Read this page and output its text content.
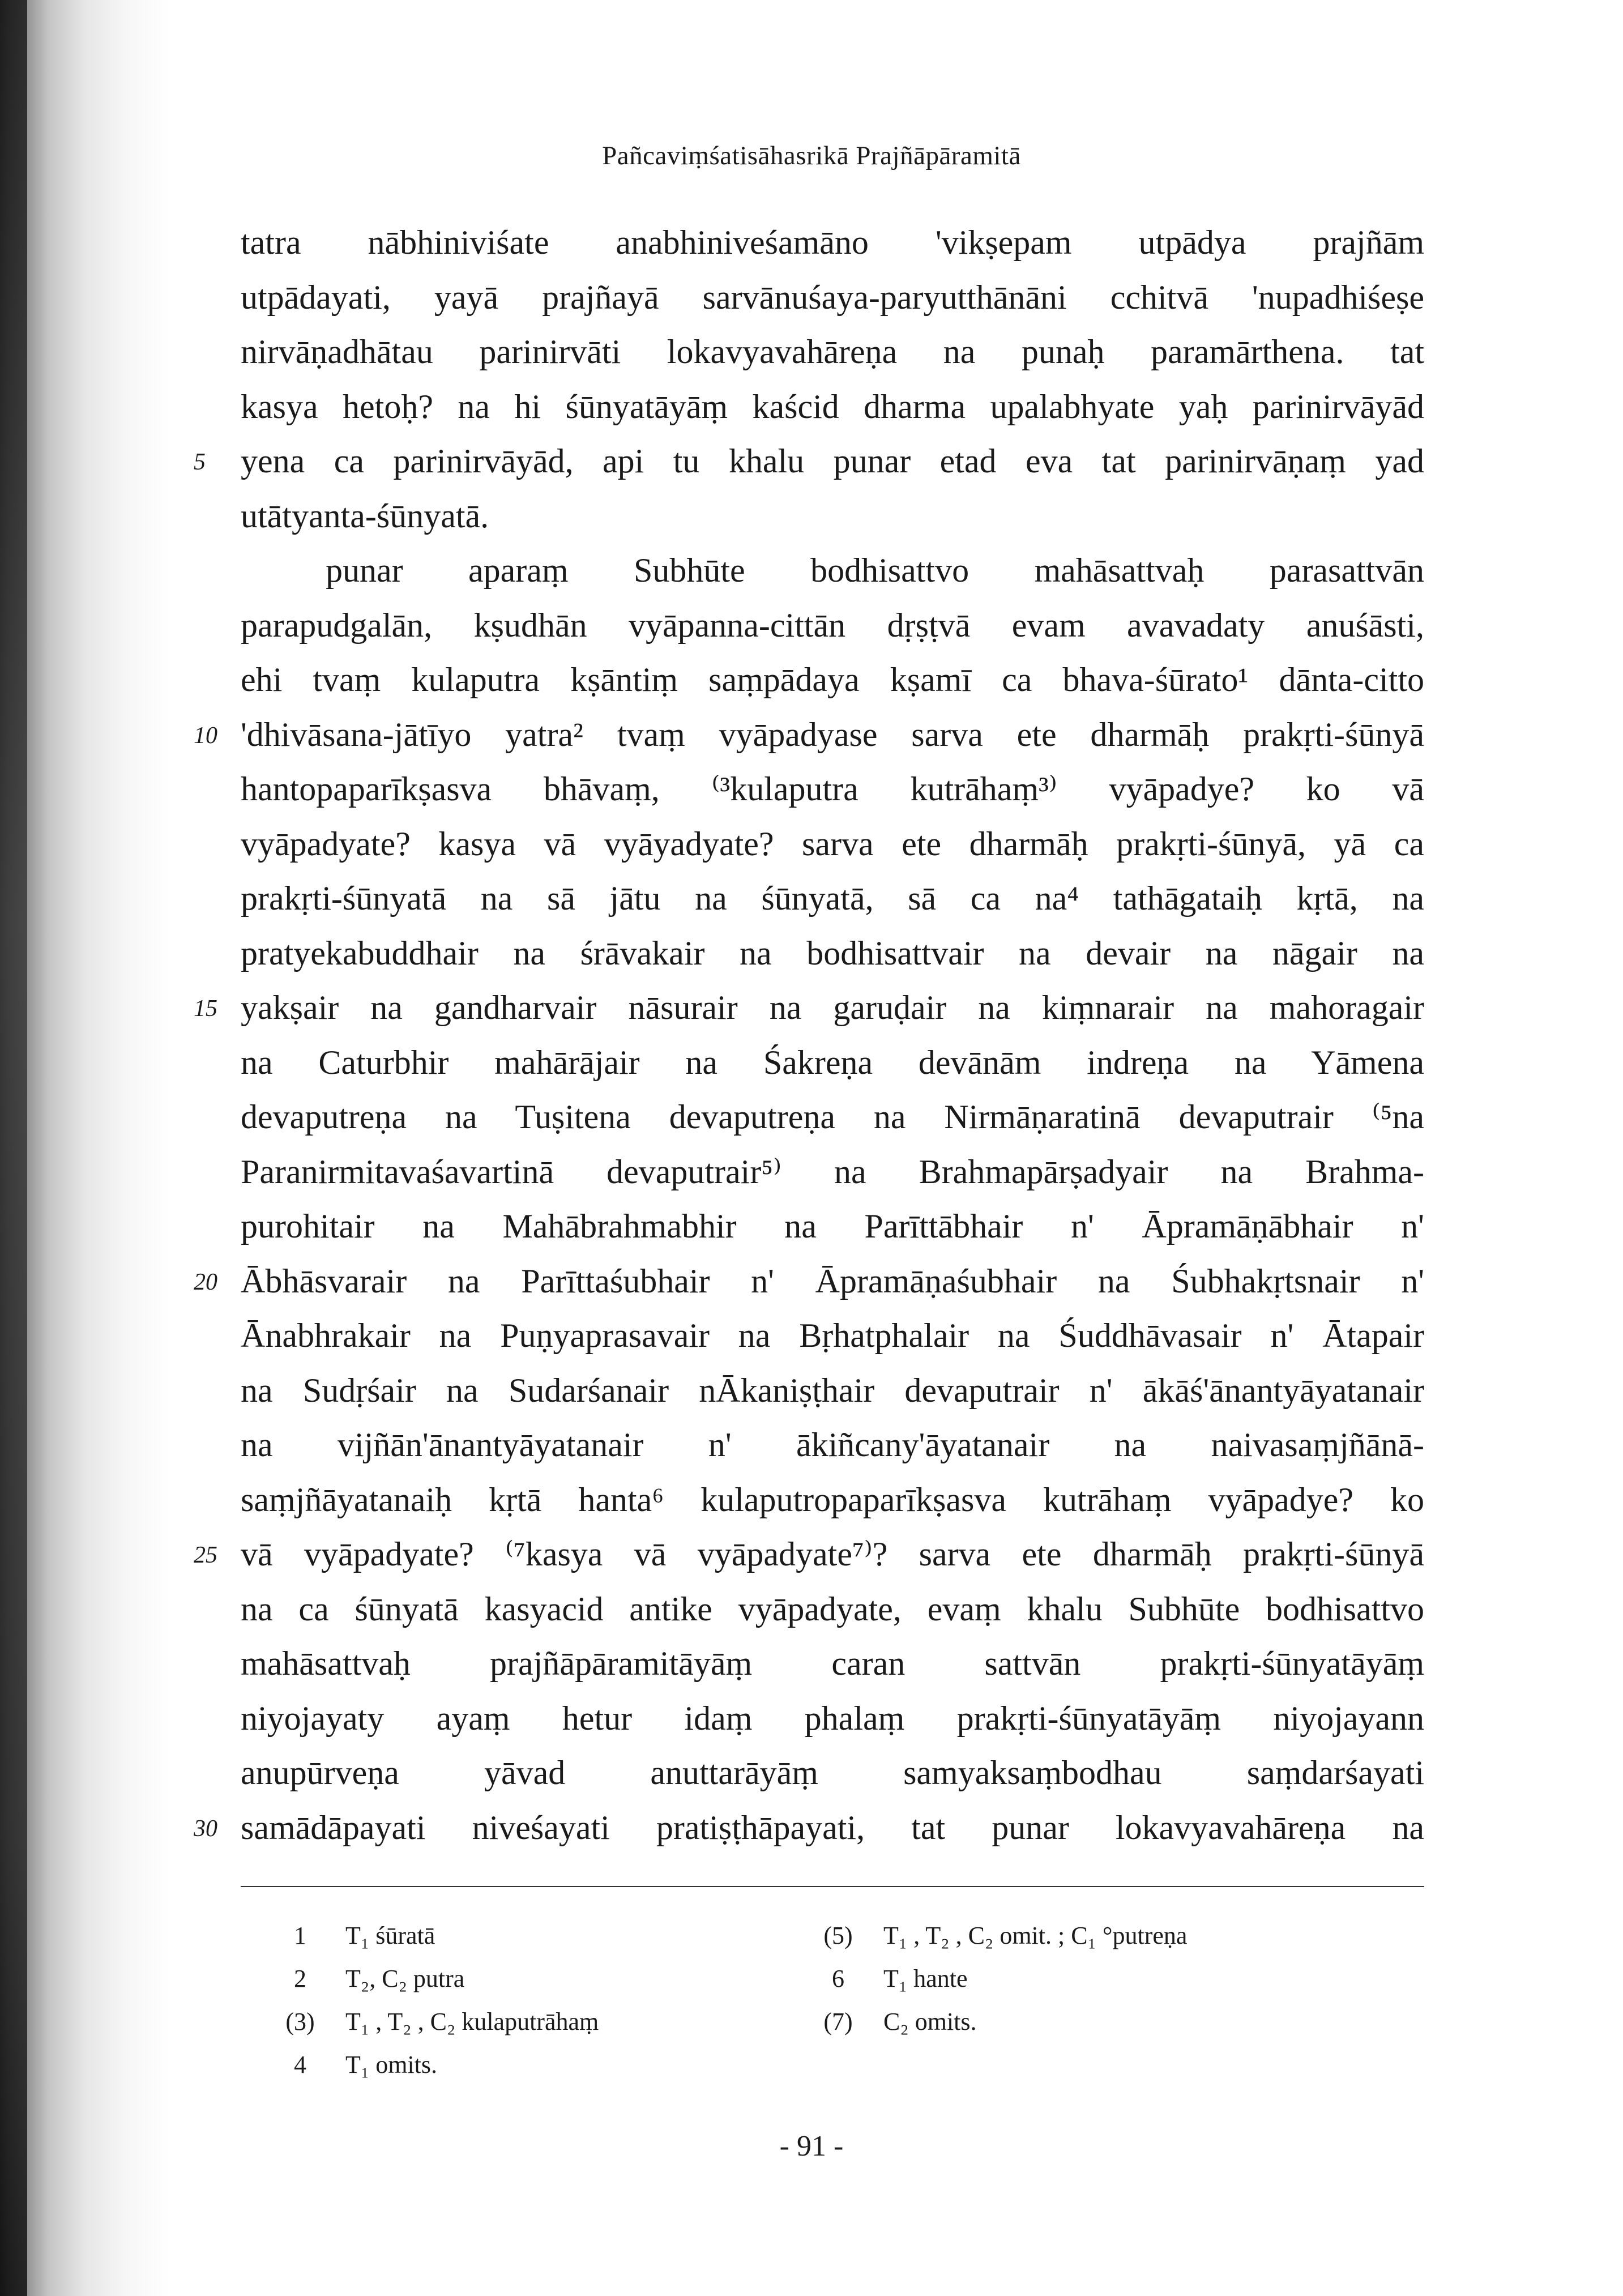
Pañcaviṃśatisāhasrikā Prajñāpāramitā
tatra nābhiniviśate anabhiniveśamāno 'vikṣepam utpādya prajñām
utpādayati, yayā prajñayā sarvānuśaya-paryutthānāni cchitvā 'nupadhiśeṣe
nirvāṇadhātau parinirvāti lokavyavahāreṇa na punaḥ paramārthena. tat
kasya hetoḥ? na hi śūnyatāyāṃ kaścid dharma upalabhyate yaḥ parinirvāyād
5	yena ca parinirvāyād, api tu khalu punar etad eva tat parinirvāṇaṃ yad
utātyanta-śūnyatā.
punar aparaṃ Subhūte bodhisattvo mahāsattvaḥ parasattvān
parapudgalān, kṣudhān vyāpanna-cittān dṛṣṭvā evam avavadaty anuśāsti,
ehi tvaṃ kulaputra kṣāntiṃ saṃpādaya kṣamī ca bhava-śūrato¹ dānta-citto
10 'dhivāsana-jātīyo yatra² tvaṃ vyāpadyase sarva ete dharmāḥ prakṛti-śūnyā
hantopaparīkṣasva bhāvaṃ, ⁽³kulaputra kutrāhaṃ³⁾ vyāpadye? ko vā
vyāpadyate? kasya vā vyāyadyate? sarva ete dharmāḥ prakṛti-śūnyā, yā ca
prakṛti-śūnyatā na sā jātu na śūnyatā, sā ca na⁴ tathāgataiḥ kṛtā, na
pratyekabuddhair na śrāvakair na bodhisattvair na devair na nāgair na
15 yakṣair na gandharvair nāsurair na garuḍair na kiṃnarair na mahoragair
na Caturbhir mahārājair na Śakreṇa devānām indreṇa na Yāmena
devaputreṇa na Tuṣitena devaputreṇa na Nirmāṇaratinā devaputrair ⁽⁵na
Paranirmitavaśavartinā devaputrair⁵⁾ na Brahmapārṣadyair na Brahma-
purohitair na Mahābrahmabhir na Parīttābhair n' Āpramāṇābhair n'
20 Ābhāsvarair na Parīttaśubhair n' Āpramāṇaśubhair na Śubhakṛtsnair n'
Ānabhrakair na Puṇyaprasavair na Bṛhatphalair na Śuddhāvasair n' Ātapair
na Sudṛśair na Sudarśanair nĀkaniṣṭhair devaputrair n' ākāś'ānantyāyatanair
na vijñān'ānantyāyatanair n' ākiñcany'āyatanair na naivasaṃjñānā-
saṃjñāyatanaiḥ kṛtā hanta⁶ kulaputropaparīkṣasva kutrāhaṃ vyāpadye? ko
25 vā vyāpadyate? ⁽⁷kasya vā vyāpadyate⁷⁾? sarva ete dharmāḥ prakṛti-śūnyā
na ca śūnyatā kasyacid antike vyāpadyate, evaṃ khalu Subhūte bodhisattvo
mahāsattvaḥ prajñāpāramitāyāṃ caran sattvān prakṛti-śūnyatāyāṃ
niyojayaty ayaṃ hetur idaṃ phalaṃ prakṛti-śūnyatāyāṃ niyojayann
anupūrveṇa yāvad anuttarāyāṃ samyaksaṃbodhau saṃdarśayati
30 samādāpayati niveśayati pratiṣṭhāpayati, tat punar lokavyavahāreṇa na
1 T₁ śūratā
2 T₂, C₂ putra
(3) T₁ , T₂ , C₂ kulaputrāhaṃ
4 T₁ omits.
(5) T₁ , T₂ , C₂ omit. ; C₁ °putreṇa
6 T₁ hante
(7) C₂ omits.
- 91 -
